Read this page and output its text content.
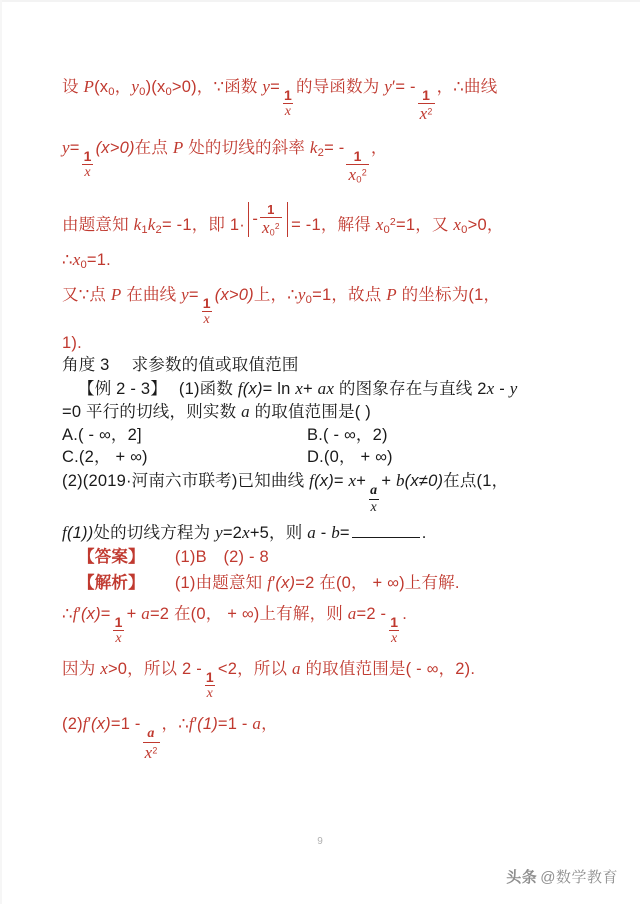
设 $P(x_0$，$y_0)(x_0>0)$，∵函数 y=
$\frac{1}{x}$
的导函数为 y′= -
$\frac{1}{x^2}$
，∴曲线
y=
$\frac{1}{x}$
(x>0)在点 P 处的切线的斜率 $k_2=$ -
$\frac{1}{x_0^2}$
，
由题意知 $k_1k_2= -1$，即 $1\cdot - \frac{1}{x_0^2} = -1$，解得 $x_0^2=1$，又 $x_0>0$，
$\therefore x_0=1$.
又∵点 P 在曲线 y=
$\frac{1}{x}$
(x>0)上，$\therefore y_0=1$，故点 P 的坐标为(1，
1).
角度 3 求参数的值或取值范围
【例 2 - 3】 (1)函数 f(x)= ln x+ ax 的图象存在与直线 2x - y
=0 平行的切线，则实数 a 的取值范围是( )
A.( - ∞，2]	B.( - ∞，2)
C.(2， + ∞)	D.(0， + ∞)
(2)(2019·河南六市联考)已知曲线 f(x)= x+
$\frac{a}{x}$
+ b(x≠0)在点(1，
f(1))处的切线方程为 y=2x+5，则 a - b=	.
【答案】 (1)B　(2) - 8
【解析】 (1)由题意知 f′(x)=2 在(0， + ∞)上有解.
∴f′(x)=
$\frac{1}{x}$
+ a=2 在(0， + ∞)上有解，则 a=2 -
$\frac{1}{x}$
.
因为 x>0，所以 2 -
$\frac{1}{x}$
<2，所以 a 的取值范围是( - ∞，2).
(2)f′(x)=1 -
$\frac{a}{x^2}$
，∴f′(1)=1 - a，
9
头条 @数学教育
